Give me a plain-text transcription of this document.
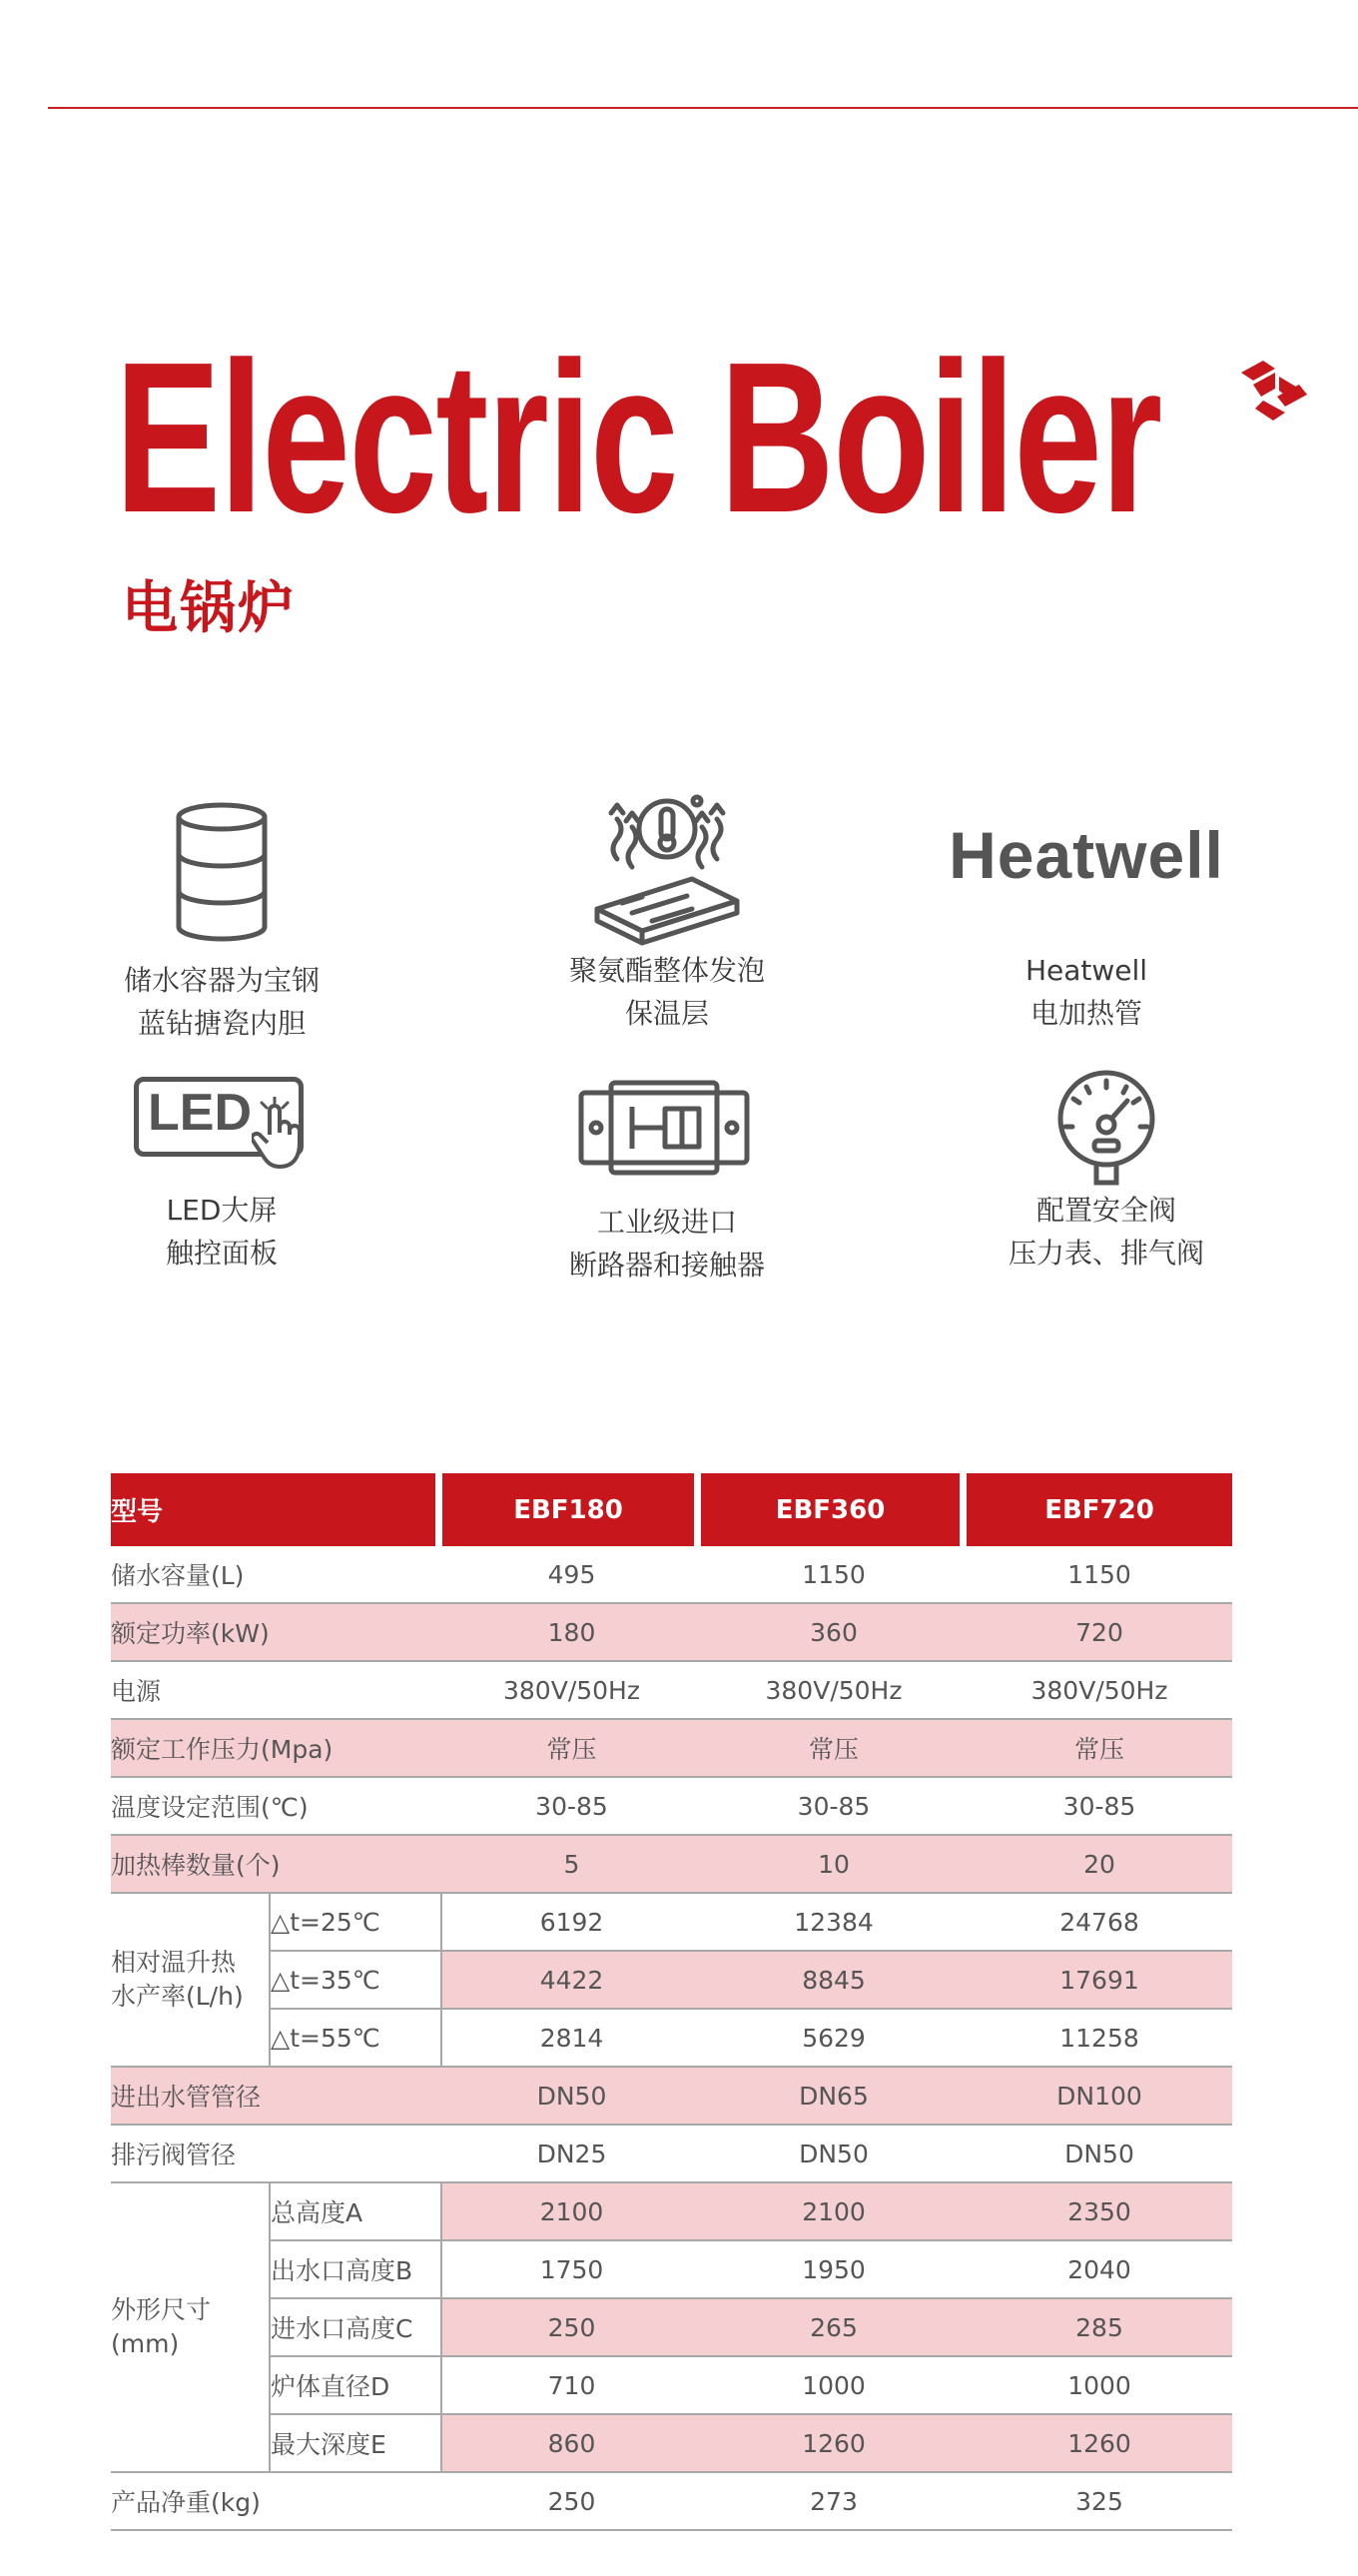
Electric Boiler
电锅炉
储水容器为宝钢
蓝钻搪瓷内胆
聚氨酯整体发泡
保温层
Heatwell
Heatwell
电加热管
LED
LED大屏
触控面板
工业级进口
断路器和接触器
配置安全阀
压力表、排气阀
型号		EBF180	EBF360	EBF720
储水容量(L)		495	1150	1150
额定功率(kW)		180	360	720
电源		380V/50Hz	380V/50Hz	380V/50Hz
额定工作压力(Mpa)		常压	常压	常压
温度设定范围(℃)		30-85	30-85	30-85
加热棒数量(个)		5	10	20

相对温升热
水产率(L/h)	△t=25℃	6192	12384	24768
	△t=35℃	4422	8845	17691
	△t=55℃	2814	5629	11258
进出水管管径		DN50	DN65	DN100
排污阀管径		DN25	DN50	DN50

外形尺寸
(mm)	总高度A	2100	2100	2350
	出水口高度B	1750	1950	2040
	进水口高度C	250	265	285
	炉体直径D	710	1000	1000
	最大深度E	860	1260	1260
产品净重(kg)		250	273	325
